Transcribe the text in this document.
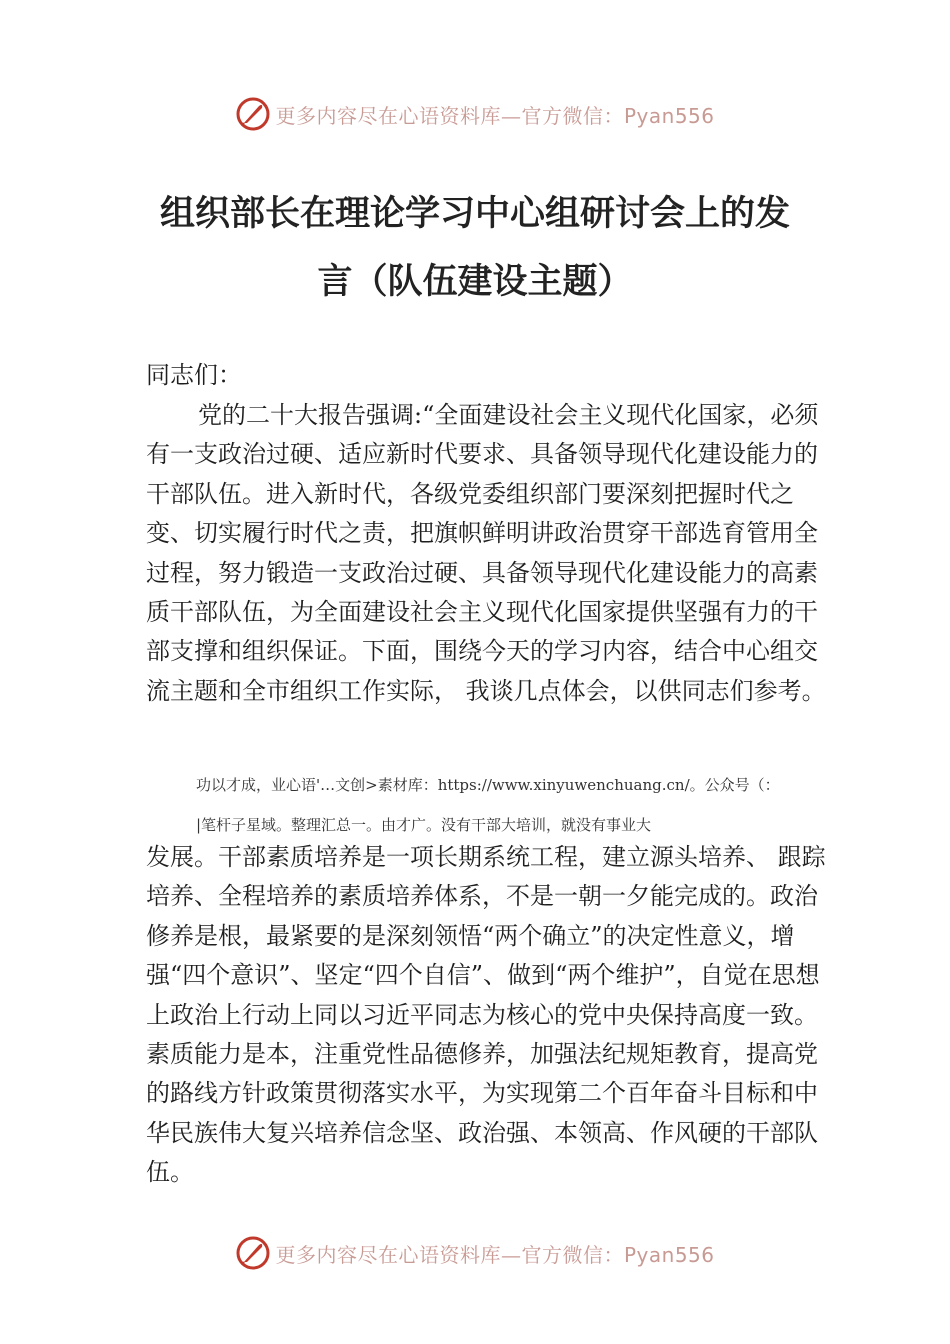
更多内容尽在心语资料库—官方微信：Pyan556
组织部长在理论学习中心组研讨会上的发
言（队伍建设主题）

同志们：

党的二十大报告强调:“全面建设社会主义现代化国家，必须有一支政治过硬、适应新时代要求、具备领导现代化建设能力的干部队伍。进入新时代，各级党委组织部门要深刻把握时代之变、切实履行时代之责，把旗帜鲜明讲政治贯穿干部选育管用全过程，努力锻造一支政治过硬、具备领导现代化建设能力的高素质干部队伍，为全面建设社会主义现代化国家提供坚强有力的干部支撑和组织保证。下面，围绕今天的学习内容，结合中心组交流主题和全市组织工作实际， 我谈几点体会，以供同志们参考。

功以才成，业心语'…文创>素材库：https://www.xinyuwenchuang.cn/。公众号（：

|笔杆子星域。整理汇总一。由才广。没有干部大培训，就没有事业大

发展。干部素质培养是一项长期系统工程，建立源头培养、 跟踪培养、全程培养的素质培养体系，不是一朝一夕能完成的。政治修养是根，最紧要的是深刻领悟“两个确立”的决定性意义，增强“四个意识”、坚定“四个自信”、做到“两个维护”，自觉在思想上政治上行动上同以习近平同志为核心的党中央保持高度一致。素质能力是本，注重党性品德修养，加强法纪规矩教育，提高党的路线方针政策贯彻落实水平，为实现第二个百年奋斗目标和中华民族伟大复兴培养信念坚、政治强、本领高、作风硬的干部队伍。

更多内容尽在心语资料库—官方微信：Pyan556
